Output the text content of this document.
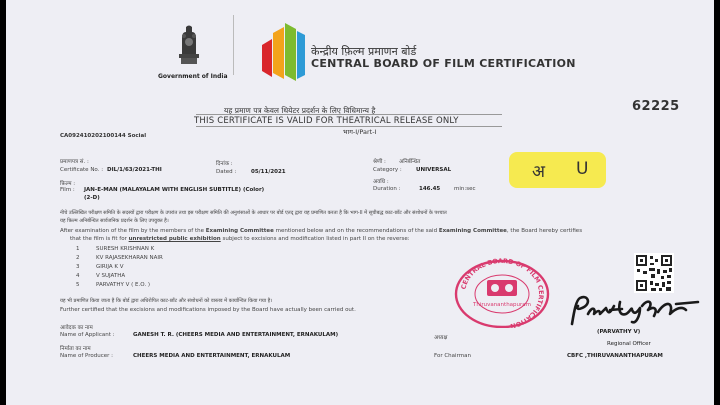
Government of India
केन्द्रीय फ़िल्म प्रमाणन बोर्ड
CENTRAL BOARD OF FILM CERTIFICATION
यह प्रमाण पत्र केवल थियेटर प्रदर्शन के लिए विधिमान्य है
THIS CERTIFICATE IS VALID FOR THEATRICAL RELEASE ONLY
भाग-I/Part-I
62225
CA092410202100144 Social
प्रमाणपत्र सं. :
Certificate No. : DIL/1/63/2021-THI
दिनांक :
Dated :	05/11/2021
श्रेणी : अनिर्बन्धित
Category :	UNIVERSAL
फ़िल्म :
Film : JAN-E-MAN (MALAYALAM WITH ENGLISH SUBTITLE) (Color)
(2-D)
अवधि :
Duration :	146.45	min:sec
अ U
नीचे उल्लिखित परीक्षण समिति के सदस्यों द्वारा परीक्षण के उपरांत तथा इस परीक्षण समिति की अनुशंसाओं के आधार पर बोर्ड एतद् द्वारा यह प्रमाणित करता है कि भाग-II में सूचीबद्ध काट-छाँट और संशोधनों के पश्चात
यह फ़िल्म अनिर्बन्धित सार्वजनिक प्रदर्शन के लिए उपयुक्त है।
After examination of the film by the members of the Examining Committee mentioned below and on the recommendations of the said Examining Committee, the Board hereby certifies
that the film is fit for unrestricted public exhibition subject to excisions and modification listed in part II on the reverse:
1	SURESH KRISHNAN K
2	KV RAJASEKHARAN NAIR
3	GIRIJA K V
4	V SUJATHA
5	PARVATHY V ( E.O. )
यह भी प्रमाणित किया जाता है कि बोर्ड द्वारा अधिरोपित काट-छाँट और संशोधनों को वास्तव में कार्यान्वित किया गया है।
Further certified that the excisions and modifications imposed by the Board have actually been carried out.
आवेदक का नाम
Name of Applicant :	GANESH T. R. (CHEERS MEDIA AND ENTERTAINMENT, ERNAKULAM)
निर्माता का नाम
Name of Producer :	CHEERS MEDIA AND ENTERTAINMENT, ERNAKULAM
अध्यक्ष
For Chairman
CENTRAL BOARD OF FILM CERTIFICATION
Thiruvananthapuram
(PARVATHY V)
Regional Officer
CBFC ,THIRUVANANTHAPURAM
